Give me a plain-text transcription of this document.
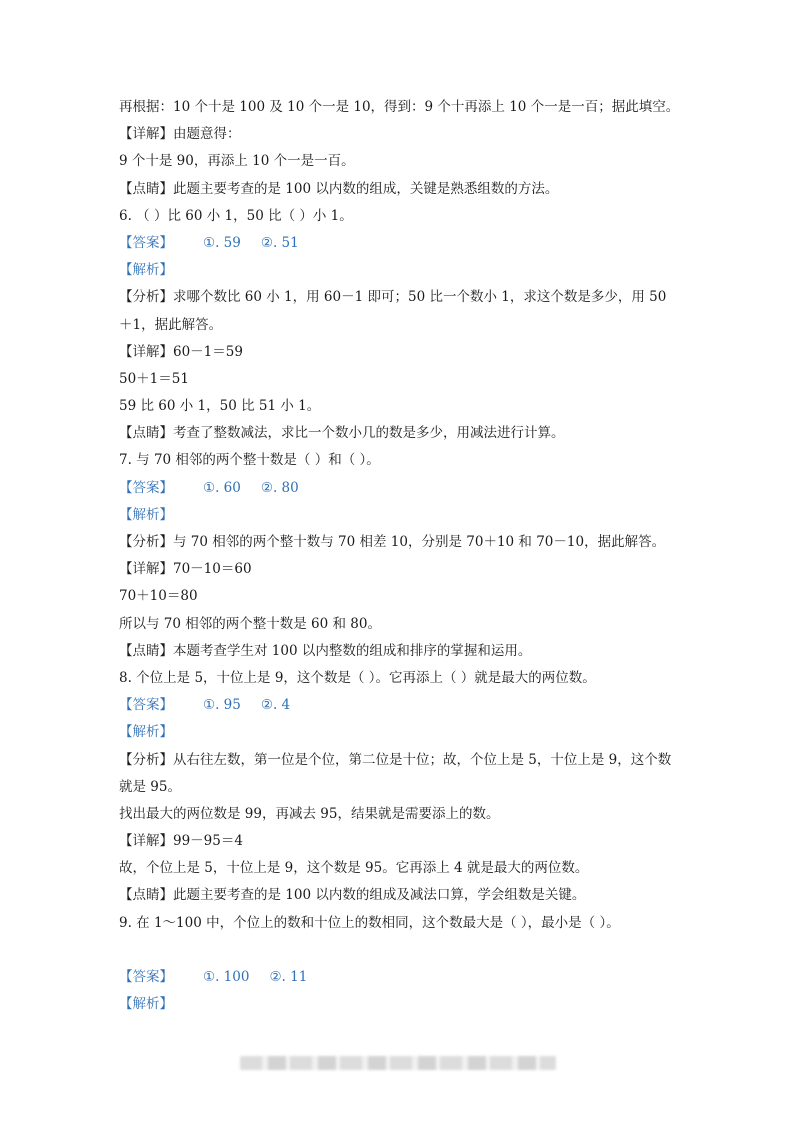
再根据：10 个十是 100 及 10 个一是 10，得到：9 个十再添上 10 个一是一百；据此填空。
【详解】由题意得：
9 个十是 90，再添上 10 个一是一百。
【点睛】此题主要考查的是 100 以内数的组成，关键是熟悉组数的方法。
6. （ ）比 60 小 1，50 比（ ）小 1。
【答案】 ①. 59 ②. 51
【解析】
【分析】求哪个数比 60 小 1，用 60－1 即可；50 比一个数小 1，求这个数是多少，用 50＋1，据此解答。
【详解】60－1＝59
50＋1＝51
59 比 60 小 1，50 比 51 小 1。
【点睛】考查了整数减法，求比一个数小几的数是多少，用减法进行计算。
7. 与 70 相邻的两个整十数是（ ）和（ ）。
【答案】 ①. 60 ②. 80
【解析】
【分析】与 70 相邻的两个整十数与 70 相差 10，分别是 70＋10 和 70－10，据此解答。
【详解】70－10＝60
70＋10＝80
所以与 70 相邻的两个整十数是 60 和 80。
【点睛】本题考查学生对 100 以内整数的组成和排序的掌握和运用。
8. 个位上是 5，十位上是 9，这个数是（ ）。它再添上（ ）就是最大的两位数。
【答案】 ①. 95 ②. 4
【解析】
【分析】从右往左数，第一位是个位，第二位是十位；故，个位上是 5，十位上是 9，这个数就是 95。
找出最大的两位数是 99，再减去 95，结果就是需要添上的数。
【详解】99－95＝4
故，个位上是 5，十位上是 9，这个数是 95。它再添上 4 就是最大的两位数。
【点睛】此题主要考查的是 100 以内数的组成及减法口算，学会组数是关键。
9. 在 1～100 中，个位上的数和十位上的数相同，这个数最大是（ ），最小是（ ）。
【答案】 ①. 100 ②. 11
【解析】
